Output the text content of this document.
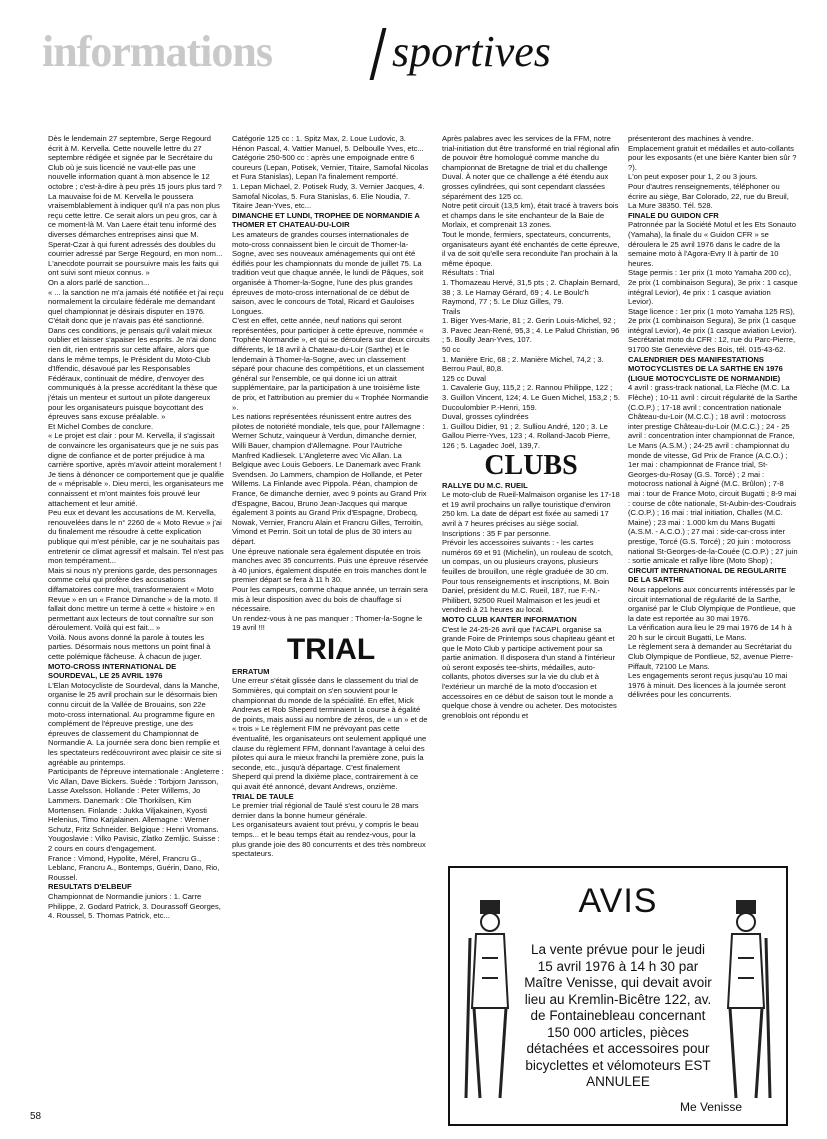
informations	sportives

Dès le lendemain 27 septembre, Serge Regourd écrit à M. Kervella. Cette nouvelle lettre du 27 septembre rédigée et signée par le Secrétaire du Club où je suis licencié ne vaut-elle pas une nouvelle information quant à mon absence le 12 octobre ; c'est-à-dire à peu près 15 jours plus tard ?

La mauvaise foi de M. Kervella le poussera vraisemblablement à indiquer qu'il n'a pas non plus reçu cette lettre. Ce serait alors un peu gros, car à ce moment-là M. Van Laere était tenu informé des diverses démarches entreprises ainsi que M. Sperat-Czar à qui furent adressés des doubles du courrier adressé par Serge Regourd, en mon nom...

L'anecdote pourrait se poursuivre mais les faits qui ont suivi sont mieux connus. »

On a alors parlé de sanction...

« ... la sanction ne m'a jamais été notifiée et j'ai reçu normalement la circulaire fédérale me demandant quel championnat je désirais disputer en 1976. C'était donc que je n'avais pas été sanctionné.

Dans ces conditions, je pensais qu'il valait mieux oublier et laisser s'apaiser les esprits. Je n'ai donc rien dit, rien entrepris sur cette affaire, alors que dans le même temps, le Président du Moto-Club d'Iffendic, désavoué par les Responsables Fédéraux, continuait de médire, d'envoyer des communiqués à la presse accréditant la thèse que j'étais un menteur et surtout un pilote dangereux pour les organisateurs puisque boycottant des épreuves sans excuse préalable. »

Et Michel Combes de conclure.

« Le projet est clair : pour M. Kervella, il s'agissait de convaincre les organisateurs que je ne suis pas digne de confiance et de porter préjudice à ma carrière sportive, après m'avoir atteint moralement !

Je tiens à dénoncer ce comportement que je qualifie de « méprisable ». Dieu merci, les organisateurs me connaissent et m'ont maintes fois prouvé leur attachement et leur amitié.

Peu eux et devant les accusations de M. Kervella, renouvelées dans le n° 2260 de « Moto Revue » j'ai du finalement me résoudre à cette explication publique qui m'est pénible, car je ne souhaitais pas entretenir ce climat agressif et malsain. Tel n'est pas mon tempérament...

Mais si nous n'y prenions garde, des personnages comme celui qui profère des accusations diffamatoires contre moi, transformeraient « Moto Revue » en un « France Dimanche » de la moto. Il fallait donc mettre un terme à cette « histoire » en permettant aux lecteurs de tout connaître sur son déroulement. Voilà qui est fait... »

Voilà. Nous avons donné la parole à toutes les parties. Désormais nous mettons un point final à cette polémique fâcheuse. À chacun de juger.

MOTO-CROSS INTERNATIONAL DE SOURDEVAL, LE 25 AVRIL 1976

L'Elan Motocycliste de Sourdeval, dans la Manche, organise le 25 avril prochain sur le désormais bien connu circuit de la Vallée de Brouains, son 22e moto-cross international. Au programme figure en complément de l'épreuve prestige, une des épreuves de classement du Championnat de Normandie A. La journée sera donc bien remplie et les spectateurs redécouvriront avec plaisir ce site si agréable au printemps.

Participants de l'épreuve internationale : Angleterre : Vic Allan, Dave Bickers. Suède : Torbjorn Jansson, Lasse Axelsson. Hollande : Peter Willems, Jo Lammers. Danemark : Ole Thorkilsen, Kim Mortensen. Finlande : Jukka Viljakainen, Kyosti Helenius, Timo Karjalainen. Allemagne : Werner Schutz, Fritz Schneider. Belgique : Henri Vromans. Yougoslavie : Vilko Pavisic, Zlatko Zemljic. Suisse : 2 cours en cours d'engagement.

France : Vimond, Hypolite, Mérel, Francru G., Leblanc, Francru A., Bontemps, Guérin, Dano, Rio, Roussel.

RESULTATS D'ELBEUF

Championnat de Normandie juniors : 1. Carre Philippe, 2. Godard Patrick, 3. Dourassoff Georges, 4. Roussel, 5. Thomas Patrick, etc...

Catégorie 125 cc : 1. Spitz Max, 2. Loue Ludovic, 3. Hénon Pascal, 4. Vattier Manuel, 5. Delboulle Yves, etc...

Catégorie 250-500 cc : après une empoignade entre 6 coureurs (Lepan, Potisek, Vernier, Titaire, Samofal Nicolas et Fura Stanislas), Lepan l'a finalement remporté.

1. Lepan Michael, 2. Potisek Rudy, 3. Vernier Jacques, 4. Samofal Nicolas, 5. Fura Stanislas, 6. Elie Noudia, 7. Titaire Jean-Yves, etc...

DIMANCHE ET LUNDI, TROPHEE DE NORMANDIE A THOMER ET CHATEAU-DU-LOIR

Les amateurs de grandes courses internationales de moto-cross connaissent bien le circuit de Thomer-la-Sogne, avec ses nouveaux aménagements qui ont été édifiés pour les championnats du monde de juillet 75. La tradition veut que chaque année, le lundi de Pâques, soit organisée à Thomer-la-Sogne, l'une des plus grandes épreuves de moto-cross international de ce début de saison, avec le concours de Total, Ricard et Gauloises Longues.

C'est en effet, cette année, neuf nations qui seront représentées, pour participer à cette épreuve, nommée « Trophée Normandie », et qui se déroulera sur deux circuits différents, le 18 avril à Chateau-du-Loir (Sarthe) et le lendemain à Thomer-la-Sogne, avec un classement séparé pour chacune des compétitions, et un classement général sur l'ensemble, ce qui donne ici un attrait supplémentaire, par la participation à une troisième liste de prix, et l'attribution au premier du « Trophée Normandie ».

Les nations représentées réunissent entre autres des pilotes de notoriété mondiale, tels que, pour l'Allemagne : Werner Schutz, vainqueur à Verdun, dimanche dernier, Willi Bauer, champion d'Allemagne. Pour l'Autriche Manfred Kadliesek. L'Angleterre avec Vic Allan. La Belgique avec Louis Geboers. Le Danemark avec Frank Svendsen. Jo Lammers, champion de Hollande, et Peter Willems. La Finlande avec Pippola. Péan, champion de France, 6e dimanche dernier, avec 9 points au Grand Prix d'Espagne, Bacou, Bruno Jean-Jacques qui marque également 3 points au Grand Prix d'Espagne, Drobecq, Nowak, Vernier, Francru Alain et Francru Gilles, Terroitin, Vimond et Perrin. Soit un total de plus de 30 inters au départ.

Une épreuve nationale sera également disputée en trois manches avec 35 concurrents. Puis une épreuve réservée à 40 juniors, également disputée en trois manches dont le premier départ se fera à 11 h 30.

Pour les campeurs, comme chaque année, un terrain sera mis à leur disposition avec du bois de chauffage si nécessaire.

Un rendez-vous à ne pas manquer : Thomer-la-Sogne le 19 avril !!!

TRIAL

ERRATUM

Une erreur s'était glissée dans le classement du trial de Sommières, qui comptait on s'en souvient pour le championnat du monde de la spécialité. En effet, Mick Andrews et Rob Sheperd terminaient la course à égalité de points, mais aussi au nombre de zéros, de « un » et de « trois » Le règlement FIM ne prévoyant pas cette éventualité, les organisateurs ont seulement appliqué une clause du règlement FFM, donnant l'avantage à celui des pilotes qui aura le mieux franchi la première zone, puis la seconde, etc., jusqu'à départage. C'est finalement Sheperd qui prend la dixième place, contrairement à ce qui avait été annoncé, devant Andrews, onzième.

TRIAL DE TAULE

Le premier trial régional de Taulé s'est couru le 28 mars dernier dans la bonne humeur générale.

Les organisateurs avaient tout prévu, y compris le beau temps... et le beau temps était au rendez-vous, pour la plus grande joie des 80 concurrents et des très nombreux spectateurs.

Après palabres avec les services de la FFM, notre trial-initiation dut être transformé en trial régional afin de pouvoir être homologué comme manche du championnat de Bretagne de trial et du challenge Duval. À noter que ce challenge a été étendu aux grosses cylindrées, qui sont cependant classées séparément des 125 cc.

Notre petit circuit (13,5 km), était tracé à travers bois et champs dans le site enchanteur de la Baie de Morlaix, et comprenait 13 zones.

Tout le monde, fermiers, spectateurs, concurrents, organisateurs ayant été enchantés de cette épreuve, il va de soit qu'elle sera reconduite l'an prochain à la même époque.

Résultats : Trial

1. Thomazeau Hervé, 31,5 pts ; 2. Chaplain Bernard, 38 ; 3. Le Harnay Gérard, 69 ; 4. Le Boulc'h Raymond, 77 ; 5. Le Dluz Gilles, 79.

Trails

1. Biger Yves-Marie, 81 ; 2. Gerin Louis-Michel, 92 ; 3. Pavec Jean-René, 95,3 ; 4. Le Palud Christian, 96 ; 5. Boully Jean-Yves, 107.

50 cc

1. Manière Eric, 68 ; 2. Manière Michel, 74,2 ; 3. Berrou Paul, 80,8.

125 cc Duval

1. Cavalerie Guy, 115,2 ; 2. Rannou Philippe, 122 ; 3. Guillon Vincent, 124; 4. Le Guen Michel, 153,2 ; 5. Ducoulombier P.-Henri, 159.

Duval, grosses cylindrées

1. Guillou Didier, 91 ; 2. Sulliou André, 120 ; 3. Le Gallou Pierre-Yves, 123 ; 4. Rolland-Jacob Pierre, 126 ; 5. Lagadec Joël, 139,7.

CLUBS

RALLYE DU M.C. RUEIL

Le moto-club de Rueil-Malmaison organise les 17-18 et 19 avril prochains un rallye touristique d'environ 250 km. La date de départ est fixée au samedi 17 avril à 7 heures précises au siège social.

Inscriptions : 35 F par personne.

Prévoir les accessoires suivants : - les cartes numéros 69 et 91 (Michelin), un rouleau de scotch, un compas, un ou plusieurs crayons, plusieurs feuilles de brouillon, une règle graduée de 30 cm.

Pour tous renseignements et inscriptions, M. Boin Daniel, président du M.C. Rueil, 187, rue F.-N.-Philibert, 92500 Rueil Malmaison et les jeudi et vendredi à 21 heures au local.

MOTO CLUB KANTER INFORMATION

C'est le 24-25-26 avril que l'ACAPL organise sa grande Foire de Printemps sous chapiteau géant et que le Moto Club y participe activement pour sa partie animation. Il disposera d'un stand à l'intérieur où seront exposés tee-shirts, médailles, auto-collants, photos diverses sur la vie du club et à l'extérieur un marché de la moto d'occasion et accessoires en ce début de saison tout le monde a quelque chose à vendre ou acheter. Des motocistes grenoblois ont répondu et

présenteront des machines à vendre. Emplacement gratuit et médailles et auto-collants pour les exposants (et une bière Kanter bien sûr ? ?).

L'on peut exposer pour 1, 2 ou 3 jours.

Pour d'autres renseignements, téléphoner ou écrire au siège, Bar Colorado, 22, rue du Breuil, La Mure 38350. Tél. 528.

FINALE DU GUIDON CFR

Patronnée par la Société Motul et les Ets Sonauto (Yamaha), la finale du « Guidon CFR » se déroulera le 25 avril 1976 dans le cadre de la semaine moto à l'Agora-Evry II à partir de 10 heures.

Stage permis : 1er prix (1 moto Yamaha 200 cc), 2e prix (1 combinaison Segura), 3e prix : 1 casque intégral Levior), 4e prix : 1 casque aviation Levior).

Stage licence : 1er prix (1 moto Yamaha 125 RS), 2e prix (1 combinaison Segura), 3e prix (1 casque intégral Levior), 4e prix (1 casque aviation Levior).

Secrétariat moto du CFR : 12, rue du Parc-Pierre, 91700 Ste Geneviève des Bois, tél. 015-43-62.

CALENDRIER DES MANIFESTATIONS MOTOCYCLISTES DE LA SARTHE EN 1976 (LIGUE MOTOCYCLISTE DE NORMANDIE)

4 avril : grass-track national, La Flèche (M.C. La Flèche) ; 10-11 avril : circuit régularité de la Sarthe (C.O.P.) ; 17-18 avril : concentration nationale Château-du-Loir (M.C.C.) ; 18 avril : motocross inter prestige Château-du-Loir (M.C.C.) ; 24 - 25 avril : concentration inter championnat de France, Le Mans (A.S.M.) ; 24-25 avril : championnat du monde de vitesse, Gd Prix de France (A.C.O.) ; 1er mai : championnat de France trial, St-Georges-du-Rosay (G.S. Torcé) ; 2 mai : motocross national à Aigné (M.C. Brûlon) ; 7-8 mai : tour de France Moto, circuit Bugatti ; 8-9 mai : course de côte nationale, St-Aubin-des-Coudrais (C.O.P.) ; 16 mai : trial initiation, Challes (M.C. Maine) ; 23 mai : 1.000 km du Mans Bugatti (A.S.M. - A.C.O.) ; 27 mai : side-car-cross inter prestige, Torcé (G.S. Torcé) ; 20 juin : motocross national St-Georges-de-la-Couée (C.O.P.) ; 27 juin : sortie amicale et rallye libre (Moto Shop) ;

CIRCUIT INTERNATIONAL DE REGULARITE DE LA SARTHE

Nous rappelons aux concurrents intéressés par le circuit international de régularité de la Sarthe, organisé par le Club Olympique de Pontlieue, que la date est reportée au 30 mai 1976.

La vérification aura lieu le 29 mai 1976 de 14 h à 20 h sur le circuit Bugatti, Le Mans.

Le règlement sera à demander au Secrétariat du Club Olympique de Pontlieue, 52, avenue Pierre-Piffault, 72100 Le Mans.

Les engagements seront reçus jusqu'au 10 mai 1976 à minuit. Des licences à la journée seront délivrées pour les concurrents.

AVIS
La vente prévue pour le jeudi 15 avril 1976 à 14 h 30 par Maître Venisse, qui devait avoir lieu au Kremlin-Bicêtre 122, av. de Fontainebleau concernant 150 000 articles, pièces détachées et accessoires pour bicyclettes et vélomoteurs EST ANNULEE
Me Venisse
58
